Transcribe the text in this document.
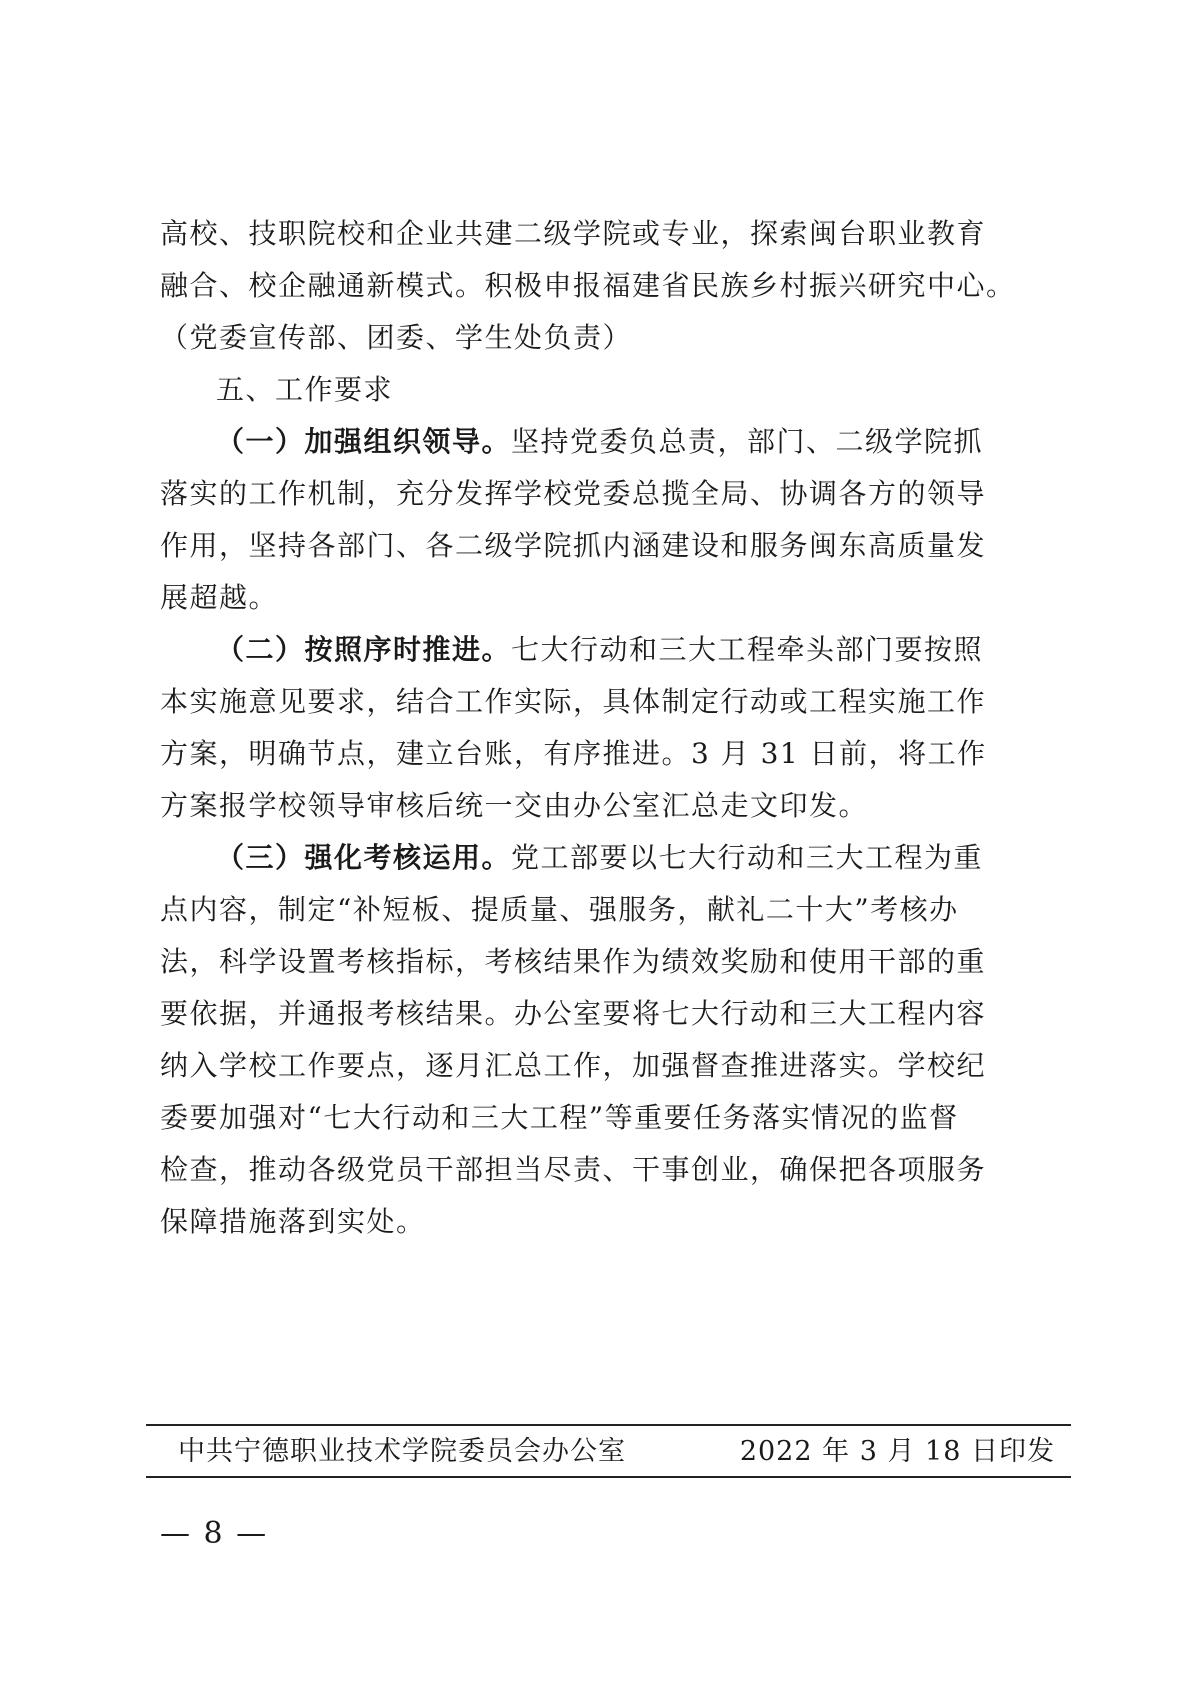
高校、技职院校和企业共建二级学院或专业，探索闽台职业教育

融合、校企融通新模式。积极申报福建省民族乡村振兴研究中心。

（党委宣传部、团委、学生处负责）

五、工作要求

（一）加强组织领导。坚持党委负总责，部门、二级学院抓

落实的工作机制，充分发挥学校党委总揽全局、协调各方的领导

作用，坚持各部门、各二级学院抓内涵建设和服务闽东高质量发

展超越。

（二）按照序时推进。七大行动和三大工程牵头部门要按照

本实施意见要求，结合工作实际，具体制定行动或工程实施工作

方案，明确节点，建立台账，有序推进。3 月 31 日前，将工作

方案报学校领导审核后统一交由办公室汇总走文印发。

（三）强化考核运用。党工部要以七大行动和三大工程为重

点内容，制定“补短板、提质量、强服务，献礼二十大”考核办

法，科学设置考核指标，考核结果作为绩效奖励和使用干部的重

要依据，并通报考核结果。办公室要将七大行动和三大工程内容

纳入学校工作要点，逐月汇总工作，加强督查推进落实。学校纪

委要加强对“七大行动和三大工程”等重要任务落实情况的监督

检查，推动各级党员干部担当尽责、干事创业，确保把各项服务

保障措施落到实处。

中共宁德职业技术学院委员会办公室	2022 年 3 月 18 日印发
— 8 —
